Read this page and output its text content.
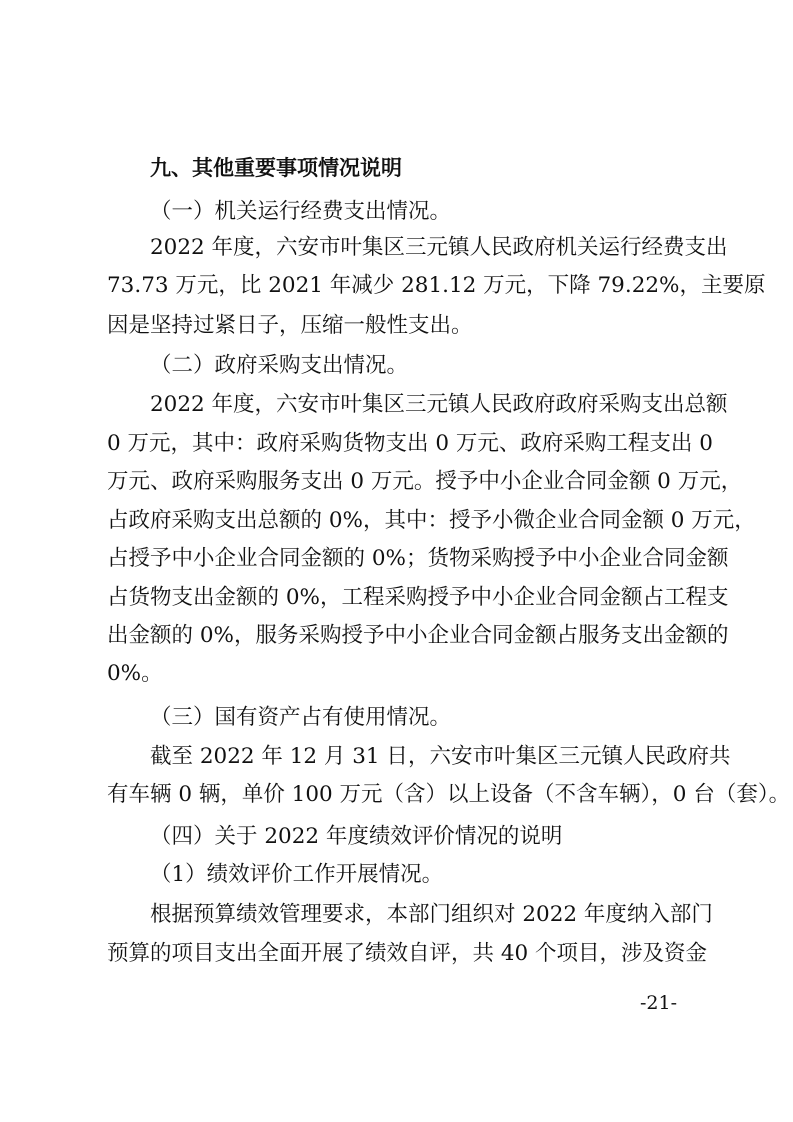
九、其他重要事项情况说明
（一）机关运行经费支出情况。
2022 年度，六安市叶集区三元镇人民政府机关运行经费支出
73.73 万元，比 2021 年减少 281.12 万元，下降 79.22%，主要原
因是坚持过紧日子，压缩一般性支出。
（二）政府采购支出情况。
2022 年度，六安市叶集区三元镇人民政府政府采购支出总额
0 万元，其中：政府采购货物支出 0 万元、政府采购工程支出 0
万元、政府采购服务支出 0 万元。授予中小企业合同金额 0 万元，
占政府采购支出总额的 0%，其中：授予小微企业合同金额 0 万元，
占授予中小企业合同金额的 0%；货物采购授予中小企业合同金额
占货物支出金额的 0%，工程采购授予中小企业合同金额占工程支
出金额的 0%，服务采购授予中小企业合同金额占服务支出金额的
0%。
（三）国有资产占有使用情况。
截至 2022 年 12 月 31 日，六安市叶集区三元镇人民政府共
有车辆 0 辆，单价 100 万元（含）以上设备（不含车辆），0 台（套）。
（四）关于 2022 年度绩效评价情况的说明
（1）绩效评价工作开展情况。
根据预算绩效管理要求，本部门组织对 2022 年度纳入部门
预算的项目支出全面开展了绩效自评，共 40 个项目，涉及资金
-21-
